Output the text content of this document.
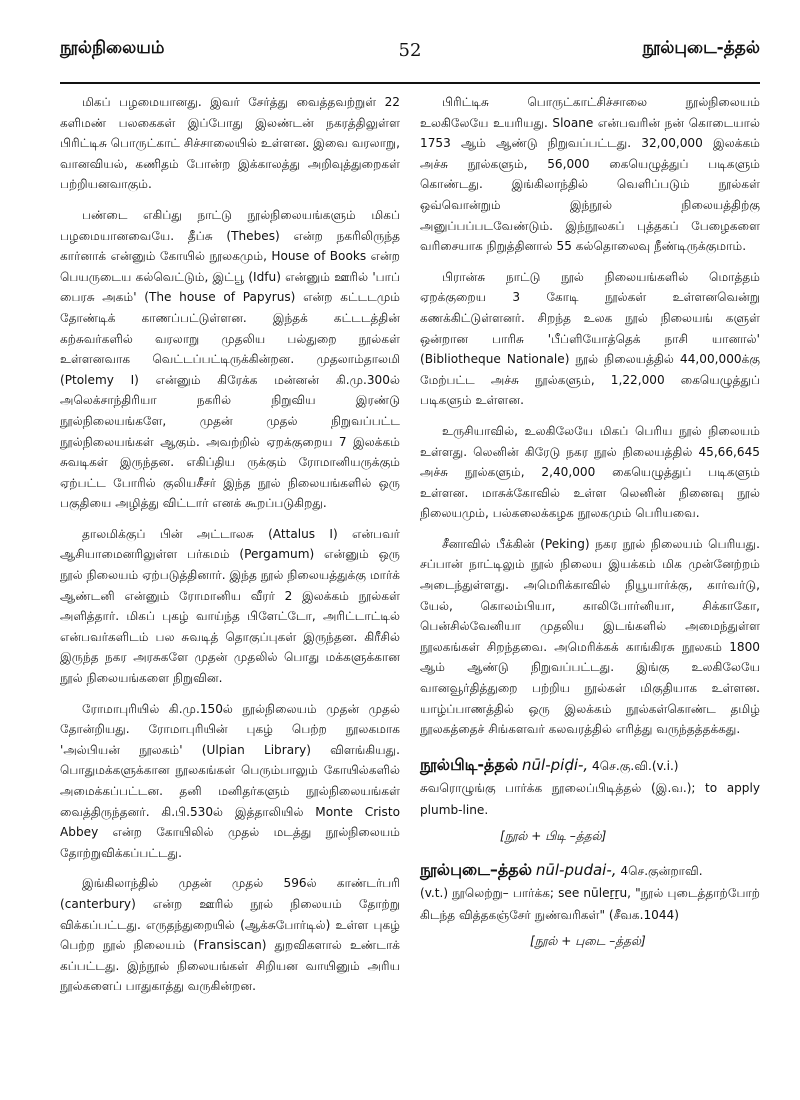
நூல்நிலையம்	52	நூல்புடை-த்தல்

மிகப் பழமையானது. இவர் சேர்த்து வைத்தவற்றுள் 22 களிமண் பலகைகள் இப்போது இலண்டன் நகரத்திலுள்ள பிரிட்டிசு பொருட்காட் சிச்சாலையில் உள்ளன. இவை வரலாறு, வானவியல், கணிதம் போன்ற இக்காலத்து அறிவுத்துறைகள் பற்றியனவாகும்.

பண்டை எகிப்து நாட்டு நூல்நிலையங்களும் மிகப் பழமையானவையே. தீப்சு (Thebes) என்ற நகரிலிருந்த கார்னாக் என்னும் கோயில் நூலகமும், House of Books என்ற பெயருடைய கல்வெட்டும், இட்பூ (Idfu) என்னும் ஊரில் 'பாப் பைரசு அகம்' (The house of Papyrus) என்ற கட்டடமும் தோண்டிக் காணப்பட்டுள்ளன. இந்தக் கட்டடத்தின் கற்சுவர்களில் வரலாறு முதலிய பல்துறை நூல்கள் உள்ளனவாக வெட்டப்பட்டிருக்கின்றன. முதலாம்தாலமி (Ptolemy I) என்னும் கிரேக்க மன்னன் கி.மு.300ல் அலெக்சாந்திரியா நகரில் நிறுவிய இரண்டு நூல்நிலையங்களே, முதன் முதல் நிறுவப்பட்ட நூல்நிலையங்கள் ஆகும். அவற்றில் ஏறக்குறைய 7 இலக்கம் சுவடிகள் இருந்தன. எகிப்திய ருக்கும் ரோமானியருக்கும் ஏற்பட்ட போரில் குலியசீசர் இந்த நூல் நிலையங்களில் ஒரு பகுதியை அழித்து விட்டார் எனக் கூறப்படுகிறது.

தாலமிக்குப் பின் அட்டாலசு (Attalus I) என்பவர் ஆசியாமைனரிலுள்ள பர்கமம் (Pergamum) என்னும் ஒரு நூல் நிலையம் ஏற்படுத்தினார். இந்த நூல் நிலையத்துக்கு மார்க் ஆண்டனி என்னும் ரோமானிய வீரர் 2 இலக்கம் நூல்கள் அளித்தார். மிகப் புகழ் வாய்ந்த பிளேட்டோ, அரிட்டாட்டில் என்பவர்களிடம் பல சுவடித் தொகுப்புகள் இருந்தன. கிரீசில் இருந்த நகர அரசுகளே முதன் முதலில் பொது மக்களுக்கான நூல் நிலையங்களை நிறுவின.

ரோமாபுரியில் கி.மு.150ல் நூல்நிலையம் முதன் முதல் தோன்றியது. ரோமாபுரியின் புகழ் பெற்ற நூலகமாக 'அல்பியன் நூலகம்' (Ulpian Library) விளங்கியது. பொதுமக்களுக்கான நூலகங்கள் பெரும்பாலும் கோயில்களில் அமைக்கப்பட்டன. தனி மனிதர்களும் நூல்நிலையங்கள் வைத்திருந்தனர். கி.பி.530ல் இத்தாலியில் Monte Cristo Abbey என்ற கோயிலில் முதல் மடத்து நூல்நிலையம் தோற்றுவிக்கப்பட்டது.

இங்கிலாந்தில் முதன் முதல் 596ல் காண்டர்பரி (canterbury) என்ற ஊரில் நூல் நிலையம் தோற்று விக்கப்பட்டது. எருதந்துறையில் (ஆக்சுபோர்டில்) உள்ள புகழ் பெற்ற நூல் நிலையம் (Fransiscan) துறவிகளால் உண்டாக் கப்பட்டது. இந்நூல் நிலையங்கள் சிறியன வாயினும் அரிய நூல்களைப் பாதுகாத்து வருகின்றன.

பிரிட்டிசு பொருட்காட்சிச்சாலை நூல்நிலையம் உலகிலேயே உயரியது. Sloane என்பவரின் நன் கொடையால் 1753 ஆம் ஆண்டு நிறுவப்பட்டது. 32,00,000 இலக்கம் அச்சு நூல்களும், 56,000 கையெழுத்துப் படிகளும் கொண்டது. இங்கிலாந்தில் வெளிப்படும் நூல்கள் ஒவ்வொன்றும் இந்நூல் நிலையத்திற்கு அனுப்பப்படவேண்டும். இந்நூலகப் புத்தகப் பேழைகளை வரிசையாக நிறுத்தினால் 55 கல்தொலைவு நீண்டிருக்குமாம்.

பிரான்சு நாட்டு நூல் நிலையங்களில் மொத்தம் ஏறக்குறைய 3 கோடி நூல்கள் உள்ளனவென்று கணக்கிட்டுள்ளனர். சிறந்த உலக நூல் நிலையங் களுள் ஒன்றான பாரிசு 'பீப்ளியோத்தெக் நாசி யானால்' (Bibliotheque Nationale) நூல் நிலையத்தில் 44,00,000க்கு மேற்பட்ட அச்சு நூல்களும், 1,22,000 கையெழுத்துப் படிகளும் உள்ளன.

உருசியாவில், உலகிலேயே மிகப் பெரிய நூல் நிலையம் உள்ளது. லெனின் கிரேடு நகர நூல் நிலையத்தில் 45,66,645 அச்சு நூல்களும், 2,40,000 கையெழுத்துப் படிகளும் உள்ளன. மாசுக்கோவில் உள்ள லெனின் நினைவு நூல் நிலையமும், பல்கலைக்கழக நூலகமும் பெரியவை.

சீனாவில் பீக்கின் (Peking) நகர நூல் நிலையம் பெரியது. சப்பான் நாட்டிலும் நூல் நிலைய இயக்கம் மிக முன்னேற்றம் அடைந்துள்ளது. அமெரிக்காவில் நியூயார்க்கு, கார்வர்டு, யேல், கொலம்பியா, காலிபோர்னியா, சிக்காகோ, பென்சில்வேனியா முதலிய இடங்களில் அமைந்துள்ள நூலகங்கள் சிறந்தவை. அமெரிக்கக் காங்கிரசு நூலகம் 1800 ஆம் ஆண்டு நிறுவப்பட்டது. இங்கு உலகிலேயே வானவூர்தித்துறை பற்றிய நூல்கள் மிகுதியாக உள்ளன. யாழ்ப்பாணத்தில் ஒரு இலக்கம் நூல்கள்கொண்ட தமிழ் நூலகத்தைச் சிங்களவர் கலவரத்தில் எரித்து வருந்தத்தக்கது.

நூல்பிடி-த்தல் nūl-piḍi-, 4செ.கு.வி.(v.i.)
சுவரொழுங்கு பார்க்க நூலைப்பிடித்தல் (இ.வ.); to apply plumb-line.
[நூல் + பிடி –த்தல்]
நூல்புடை–த்தல் nūl-pudai-, 4செ.குன்றாவி.
(v.t.) நூலெற்று– பார்க்க; see nūleṟṟu, "நூல் புடைத்தாற்போற் கிடந்த வித்தகஞ்சேர் நுண்வரிகள்" (சீவக.1044)
[நூல் + புடை –த்தல்]
